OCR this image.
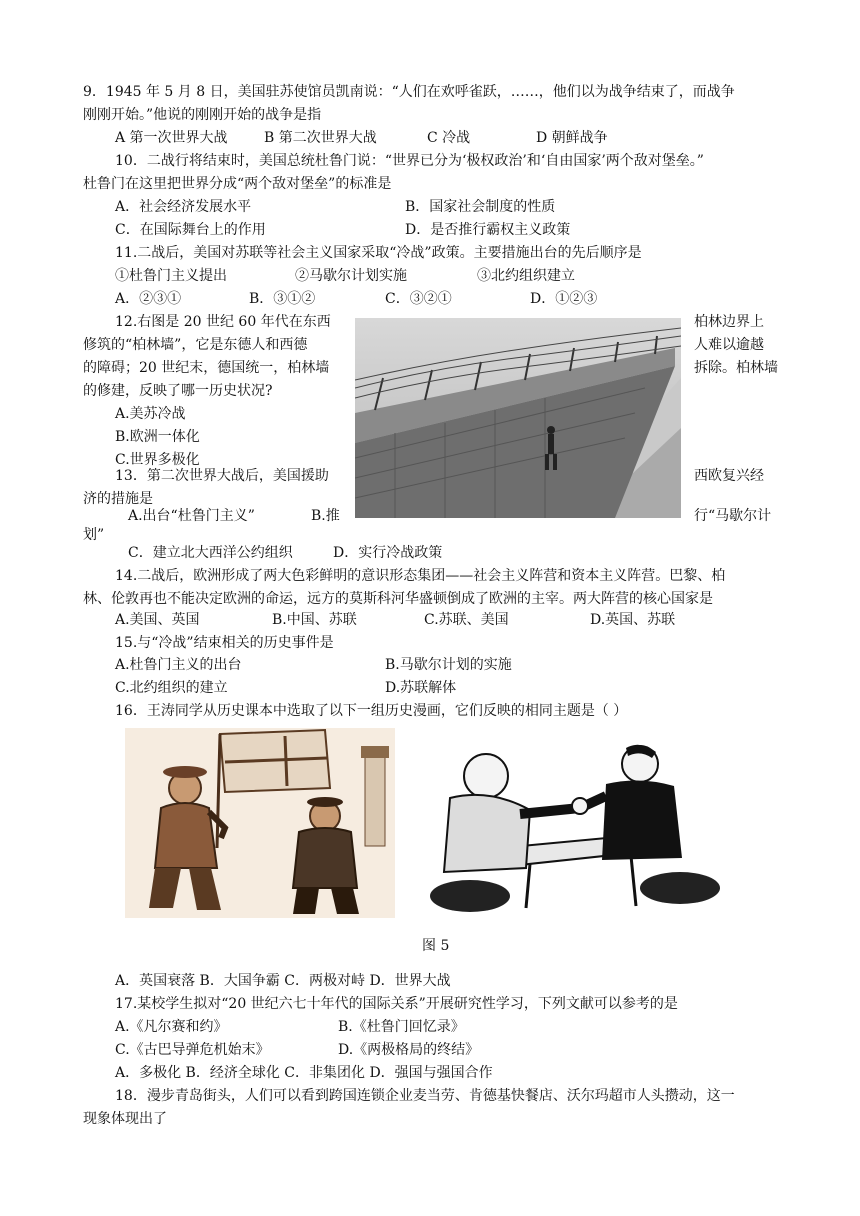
9．1945 年 5 月 8 日，美国驻苏使馆员凯南说：“人们在欢呼雀跃，……，他们以为战争结束了，而战争
刚刚开始。”他说的刚刚开始的战争是指
A 第一次世界大战	B 第二次世界大战	C 冷战	D 朝鲜战争
10．二战行将结束时，美国总统杜鲁门说：“世界已分为‘极权政治’和‘自由国家’两个敌对堡垒。”
杜鲁门在这里把世界分成“两个敌对堡垒”的标准是
A．社会经济发展水平	B．国家社会制度的性质
C．在国际舞台上的作用	D．是否推行霸权主义政策
11.二战后，美国对苏联等社会主义国家采取“冷战”政策。主要措施出台的先后顺序是
①杜鲁门主义提出	②马歇尔计划实施	③北约组织建立
A．②③①	B．③①②	C．③②①	D．①②③
12.右图是 20 世纪 60 年代在东西	柏林边界上
修筑的“柏林墙”，它是东德人和西德	人难以逾越
的障碍；20 世纪末，德国统一，柏林墙	拆除。柏林墙
的修建，反映了哪一历史状况?
A.美苏冷战
B.欧洲一体化
C.世界多极化
13．第二次世界大战后，美国援助	西欧复兴经
济的措施是
A.出台“杜鲁门主义”	B.推	行“马歇尔计
划”
C．建立北大西洋公约组织	D．实行冷战政策
14.二战后，欧洲形成了两大色彩鲜明的意识形态集团——社会主义阵营和资本主义阵营。巴黎、柏
林、伦敦再也不能决定欧洲的命运，远方的莫斯科河华盛顿倒成了欧洲的主宰。两大阵营的核心国家是
A.美国、英国	B.中国、苏联	C.苏联、美国	D.英国、苏联
15.与“冷战”结束相关的历史事件是
A.杜鲁门主义的出台	B.马歇尔计划的实施
C.北约组织的建立	D.苏联解体
16．王涛同学从历史课本中选取了以下一组历史漫画，它们反映的相同主题是（ ）
图 5
A．英国衰落 B．大国争霸 C．两极对峙 D．世界大战
17.某校学生拟对“20 世纪六七十年代的国际关系”开展研究性学习，下列文献可以参考的是
A.《凡尔赛和约》	B.《杜鲁门回忆录》
C.《古巴导弹危机始末》	D.《两极格局的终结》
A．多极化 B．经济全球化 C．非集团化 D．强国与强国合作
18．漫步青岛街头，人们可以看到跨国连锁企业麦当劳、肯德基快餐店、沃尔玛超市人头攒动，这一
现象体现出了
